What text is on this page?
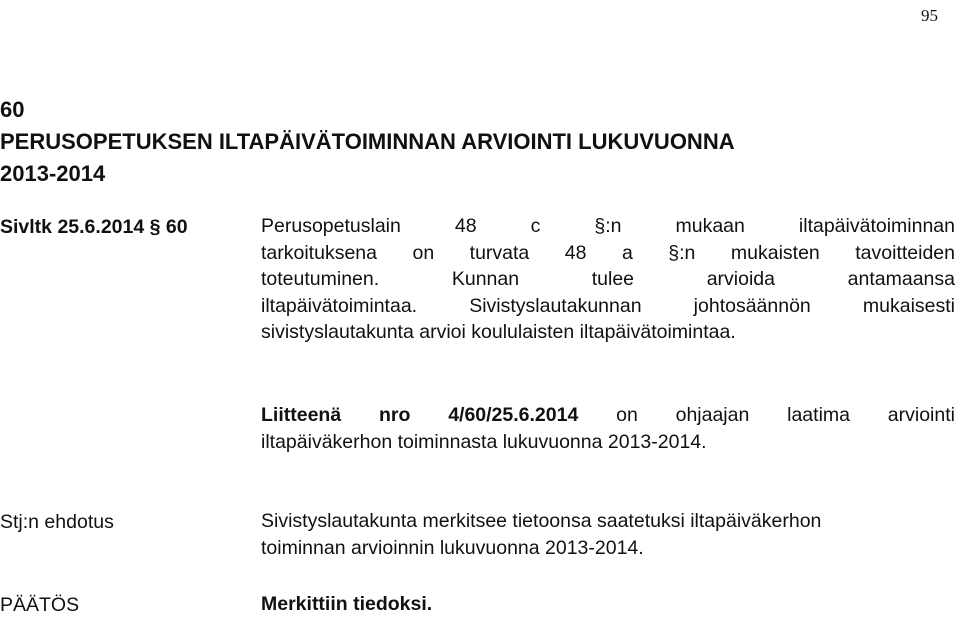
95
60
PERUSOPETUKSEN ILTAPÄIVÄTOIMINNAN ARVIOINTI LUKUVUONNA
2013-2014
Sivltk 25.6.2014 § 60	Perusopetuslain 48 c §:n mukaan iltapäivätoiminnan
tarkoituksena on turvata 48 a §:n mukaisten tavoitteiden
toteutuminen. Kunnan tulee arvioida antamaansa
iltapäivätoimintaa. Sivistyslautakunnan johtosäännön mukaisesti
sivistyslautakunta arvioi koululaisten iltapäivätoimintaa.
Liitteenä nro 4/60/25.6.2014 on ohjaajan laatima arviointi
iltapäiväkerhon toiminnasta lukuvuonna 2013-2014.
Stj:n ehdotus	Sivistyslautakunta merkitsee tietoonsa saatetuksi iltapäiväkerhon
toiminnan arvioinnin lukuvuonna 2013-2014.
PÄÄTÖS	Merkittiin tiedoksi.
